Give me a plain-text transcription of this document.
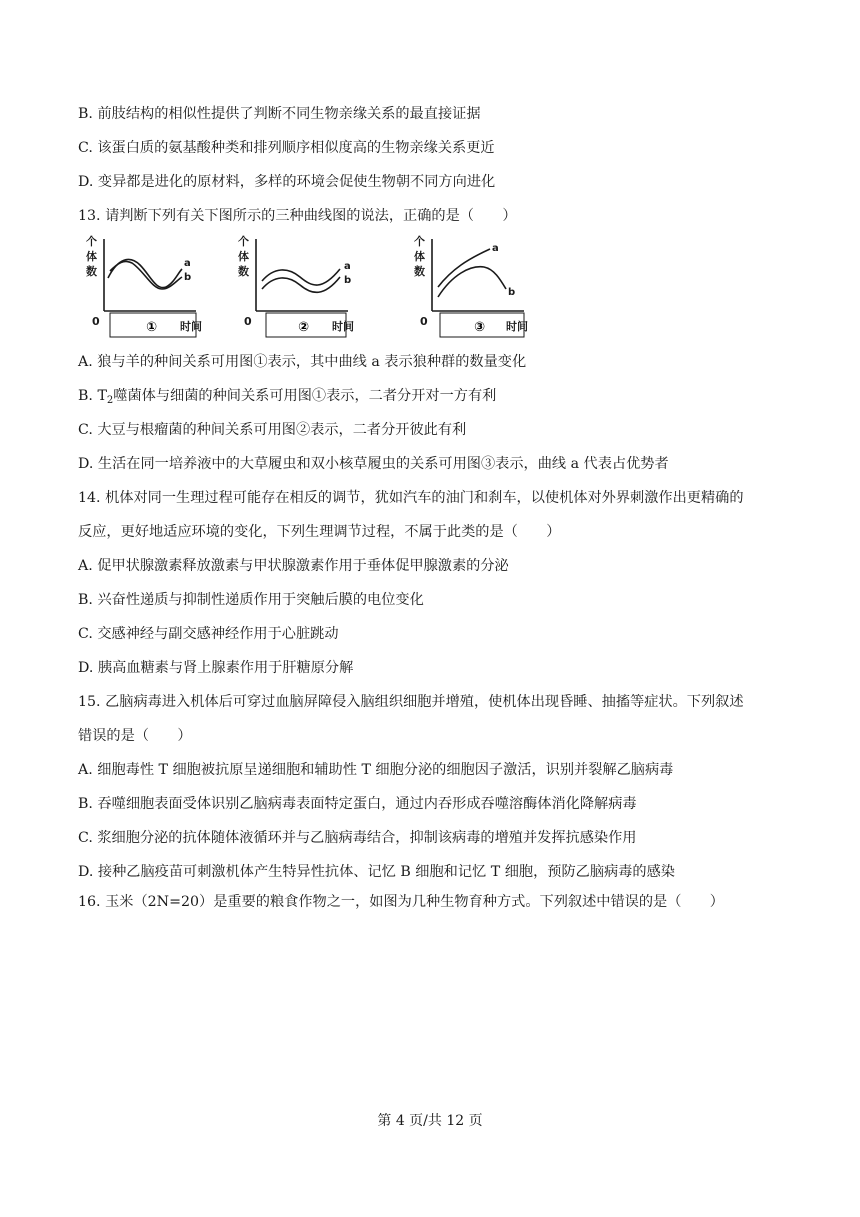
B. 前肢结构的相似性提供了判断不同生物亲缘关系的最直接证据
C. 该蛋白质的氨基酸种类和排列顺序相似度高的生物亲缘关系更近
D. 变异都是进化的原材料，多样的环境会促使生物朝不同方向进化
13. 请判断下列有关下图所示的三种曲线图的说法，正确的是（　　）
个
体
数
0	时间
a
b
①
个
体
数
0	时间
a
b
②
个
体
数
0	时间
a
b
③
A. 狼与羊的种间关系可用图①表示，其中曲线 a 表示狼种群的数量变化
B. $T_2$噬菌体与细菌的种间关系可用图①表示，二者分开对一方有利
C. 大豆与根瘤菌的种间关系可用图②表示，二者分开彼此有利
D. 生活在同一培养液中的大草履虫和双小核草履虫的关系可用图③表示，曲线 a 代表占优势者
14. 机体对同一生理过程可能存在相反的调节，犹如汽车的油门和刹车，以使机体对外界刺激作出更精确的
反应，更好地适应环境的变化，下列生理调节过程，不属于此类的是（　　）
A. 促甲状腺激素释放激素与甲状腺激素作用于垂体促甲腺激素的分泌
B. 兴奋性递质与抑制性递质作用于突触后膜的电位变化
C. 交感神经与副交感神经作用于心脏跳动
D. 胰高血糖素与肾上腺素作用于肝糖原分解
15. 乙脑病毒进入机体后可穿过血脑屏障侵入脑组织细胞并增殖，使机体出现昏睡、抽搐等症状。下列叙述
错误的是（　　）
A. 细胞毒性 T 细胞被抗原呈递细胞和辅助性 T 细胞分泌的细胞因子激活，识别并裂解乙脑病毒
B. 吞噬细胞表面受体识别乙脑病毒表面特定蛋白，通过内吞形成吞噬溶酶体消化降解病毒
C. 浆细胞分泌的抗体随体液循环并与乙脑病毒结合，抑制该病毒的增殖并发挥抗感染作用
D. 接种乙脑疫苗可刺激机体产生特异性抗体、记忆 B 细胞和记忆 T 细胞，预防乙脑病毒的感染
16. 玉米（2N=20）是重要的粮食作物之一，如图为几种生物育种方式。下列叙述中错误的是（　　）
第 4 页/共 12 页
